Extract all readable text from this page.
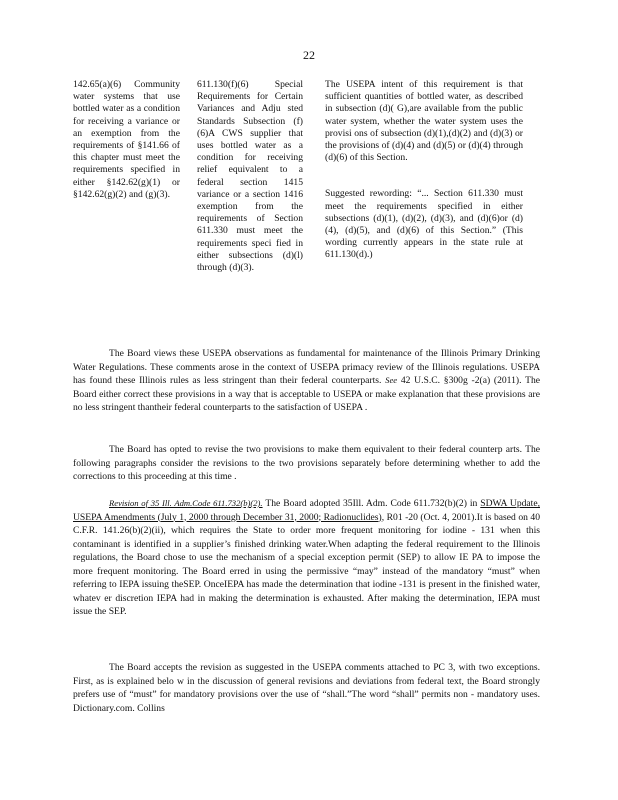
22
142.65(a)(6) Community water systems that use bottled water as a condition for receiving a variance or an exemption from the requirements of §141.66 of this chapter must meet the requirements specified in either §142.62(g)(1) or §142.62(g)(2) and (g)(3).
611.130(f)(6) Special Requirements for Certain Variances and Adju sted Standards Subsection (f)(6)A CWS supplier that uses bottled water as a condition for receiving relief equivalent to a federal section 1415 variance or a section 1416 exemption from the requirements of Section 611.330 must meet the requirements speci fied in either subsections (d)(l) through (d)(3).

The USEPA intent of this requirement is that sufficient quantities of bottled water, as described in subsection (d)( G),are available from the public water system, whether the water system uses the provisi ons of subsection (d)(1),(d)(2) and (d)(3) or the provisions of (d)(4) and (d)(5) or (d)(4) through (d)(6) of this Section.

Suggested rewording: “... Section 611.330 must meet the requirements specified in either subsections (d)(1), (d)(2), (d)(3), and (d)(6)or (d)(4), (d)(5), and (d)(6) of this Section.” (This wording currently appears in the state rule at 611.130(d).)

The Board views these USEPA observations as fundamental for maintenance of the Illinois Primary Drinking Water Regulations. These comments arose in the context of USEPA primacy review of the Illinois regulations. USEPA has found these Illinois rules as less stringent than their federal counterparts. See 42 U.S.C. §300g -2(a) (2011). The Board either correct these provisions in a way that is acceptable to USEPA or make explanation that these provisions are no less stringent thantheir federal counterparts to the satisfaction of USEPA .

The Board has opted to revise the two provisions to make them equivalent to their federal counterp arts. The following paragraphs consider the revisions to the two provisions separately before determining whether to add the corrections to this proceeding at this time .

Revision of 35 Ill. Adm.Code 611.732(b)(2). The Board adopted 35Ill. Adm. Code 611.732(b)(2) in SDWA Update, USEPA Amendments (July 1, 2000 through December 31, 2000; Radionuclides), R01 -20 (Oct. 4, 2001).It is based on 40 C.F.R. 141.26(b)(2)(ii), which requires the State to order more frequent monitoring for iodine - 131 when this contaminant is identified in a supplier’s finished drinking water.When adapting the federal requirement to the Illinois regulations, the Board chose to use the mechanism of a special exception permit (SEP) to allow IE PA to impose the more frequent monitoring. The Board erred in using the permissive “may” instead of the mandatory “must” when referring to IEPA issuing theSEP. OnceIEPA has made the determination that iodine -131 is present in the finished water, whatev er discretion IEPA had in making the determination is exhausted. After making the determination, IEPA must issue the SEP.

The Board accepts the revision as suggested in the USEPA comments attached to PC 3, with two exceptions. First, as is explained belo w in the discussion of general revisions and deviations from federal text, the Board strongly prefers use of “must” for mandatory provisions over the use of “shall.”The word “shall” permits non - mandatory uses. Dictionary.com. Collins
